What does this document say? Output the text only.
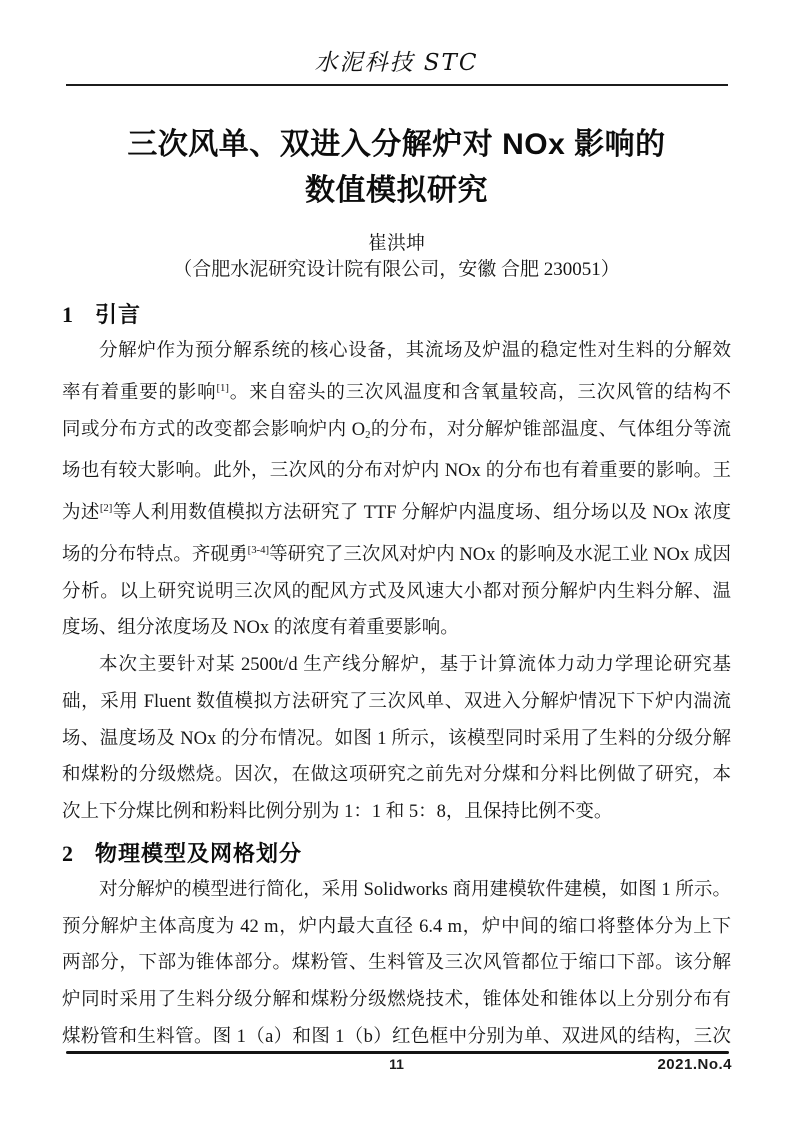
水泥科技 STC
三次风单、双进入分解炉对 NOx 影响的
数值模拟研究
崔洪坤
（合肥水泥研究设计院有限公司，安徽 合肥 230051）
1 引言
分解炉作为预分解系统的核心设备，其流场及炉温的稳定性对生料的分解效
率有着重要的影响[1]。来自窑头的三次风温度和含氧量较高，三次风管的结构不
同或分布方式的改变都会影响炉内 $O_2$的分布，对分解炉锥部温度、气体组分等流
场也有较大影响。此外，三次风的分布对炉内 NOx 的分布也有着重要的影响。王
为述[2]等人利用数值模拟方法研究了 TTF 分解炉内温度场、组分场以及 NOx 浓度
场的分布特点。齐砚勇[3-4]等研究了三次风对炉内 NOx 的影响及水泥工业 NOx 成因
分析。以上研究说明三次风的配风方式及风速大小都对预分解炉内生料分解、温
度场、组分浓度场及 NOx 的浓度有着重要影响。
本次主要针对某 2500t/d 生产线分解炉，基于计算流体力动力学理论研究基
础，采用 Fluent 数值模拟方法研究了三次风单、双进入分解炉情况下下炉内湍流
场、温度场及 NOx 的分布情况。如图 1 所示，该模型同时采用了生料的分级分解
和煤粉的分级燃烧。因次，在做这项研究之前先对分煤和分料比例做了研究，本
次上下分煤比例和粉料比例分别为 1：1 和 5：8，且保持比例不变。
2 物理模型及网格划分
对分解炉的模型进行简化，采用 Solidworks 商用建模软件建模，如图 1 所示。
预分解炉主体高度为 42 m，炉内最大直径 6.4 m，炉中间的缩口将整体分为上下
两部分，下部为锥体部分。煤粉管、生料管及三次风管都位于缩口下部。该分解
炉同时采用了生料分级分解和煤粉分级燃烧技术，锥体处和锥体以上分别分布有
煤粉管和生料管。图 1（a）和图 1（b）红色框中分别为单、双进风的结构，三次
11	2021.No.4
